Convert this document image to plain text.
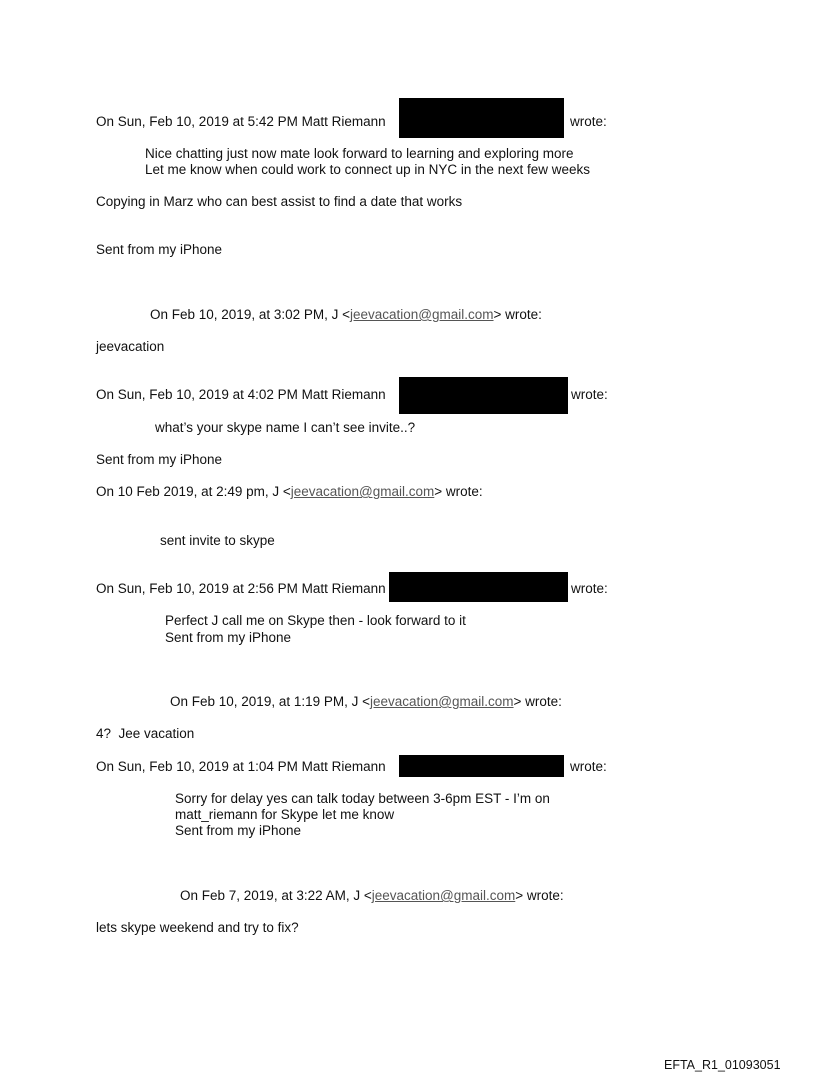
On Sun, Feb 10, 2019 at 5:42 PM Matt Riemann	wrote:
Nice chatting just now mate look forward to learning and exploring more
Let me know when could work to connect up in NYC in the next few weeks
Copying in Marz who can best assist to find a date that works
Sent from my iPhone
On Feb 10, 2019, at 3:02 PM, J <jeevacation@gmail.com> wrote:
jeevacation
On Sun, Feb 10, 2019 at 4:02 PM Matt Riemann	wrote:
what’s your skype name I can’t see invite..?
Sent from my iPhone
On 10 Feb 2019, at 2:49 pm, J <jeevacation@gmail.com> wrote:
sent invite to skype
On Sun, Feb 10, 2019 at 2:56 PM Matt Riemann	wrote:
Perfect J call me on Skype then - look forward to it
Sent from my iPhone
On Feb 10, 2019, at 1:19 PM, J <jeevacation@gmail.com> wrote:
4?  Jee vacation
On Sun, Feb 10, 2019 at 1:04 PM Matt Riemann	wrote:
Sorry for delay yes can talk today between 3-6pm EST - I’m on
matt_riemann for Skype let me know
Sent from my iPhone
On Feb 7, 2019, at 3:22 AM, J <jeevacation@gmail.com> wrote:
lets skype weekend and try to fix?
EFTA_R1_01093051
